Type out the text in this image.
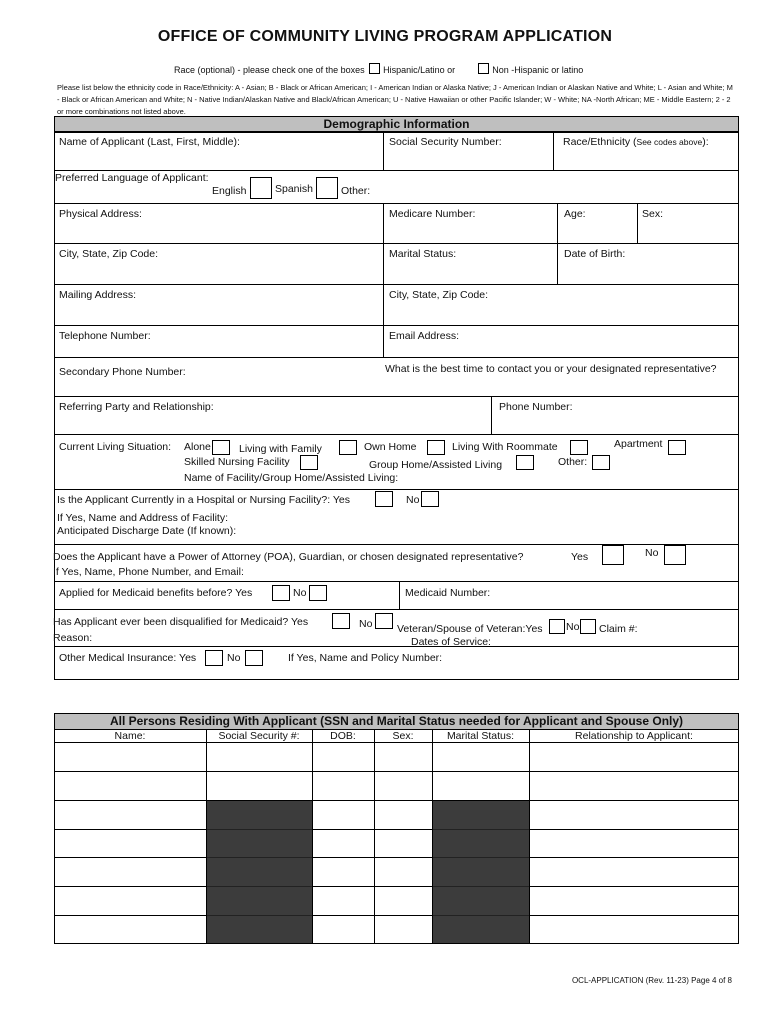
OFFICE OF COMMUNITY LIVING PROGRAM APPLICATION
Race (optional) - please check one of the boxes Hispanic/Latino or	Non -Hispanic or latino
Please list below the ethnicity code in Race/Ethnicity: A - Asian; B - Black or African American; I - American Indian or Alaska Native; J - American Indian or Alaskan Native and White; L - Asian and White; M - Black or African American and White; N - Native Indian/Alaskan Native and Black/African American; U - Native Hawaiian or other Pacific Islander; W - White; NA -North African; ME - Middle Eastern; 2 - 2 or more combinations not listed above.
Demographic Information
Name of Applicant (Last, First, Middle):	Social Security Number:	Race/Ethnicity (See codes above):
Preferred Language of Applicant:
English	Spanish	Other:
Physical Address:	Medicare Number:	Age:	Sex:
City, State, Zip Code:	Marital Status:	Date of Birth:
Mailing Address:	City, State, Zip Code:
Telephone Number:	Email Address:
Secondary Phone Number:	What is the best time to contact you or your designated representative?
Referring Party and Relationship:	Phone Number:
Current Living Situation: Alone	Living with Family	Own Home	Living With Roommate	Apartment
Skilled Nursing Facility	Group Home/Assisted Living	Other:
Name of Facility/Group Home/Assisted Living:
Is the Applicant Currently in a Hospital or Nursing Facility?: Yes	No
If Yes, Name and Address of Facility:
Anticipated Discharge Date (If known):
Does the Applicant have a Power of Attorney (POA), Guardian, or chosen designated representative?	Yes	No
If Yes, Name, Phone Number, and Email:
Applied for Medicaid benefits before? Yes	No	Medicaid Number:
Has Applicant ever been disqualified for Medicaid? Yes	No
Reason:
Veteran/Spouse of Veteran:Yes No Claim #:
Dates of Service:
Other Medical Insurance: Yes	No	If Yes, Name and Policy Number:
All Persons Residing With Applicant (SSN and Marital Status needed for Applicant and Spouse Only)
Name:	Social Security #:	DOB:	Sex:	Marital Status:	Relationship to Applicant:
OCL-APPLICATION (Rev. 11-23) Page 4 of 8
